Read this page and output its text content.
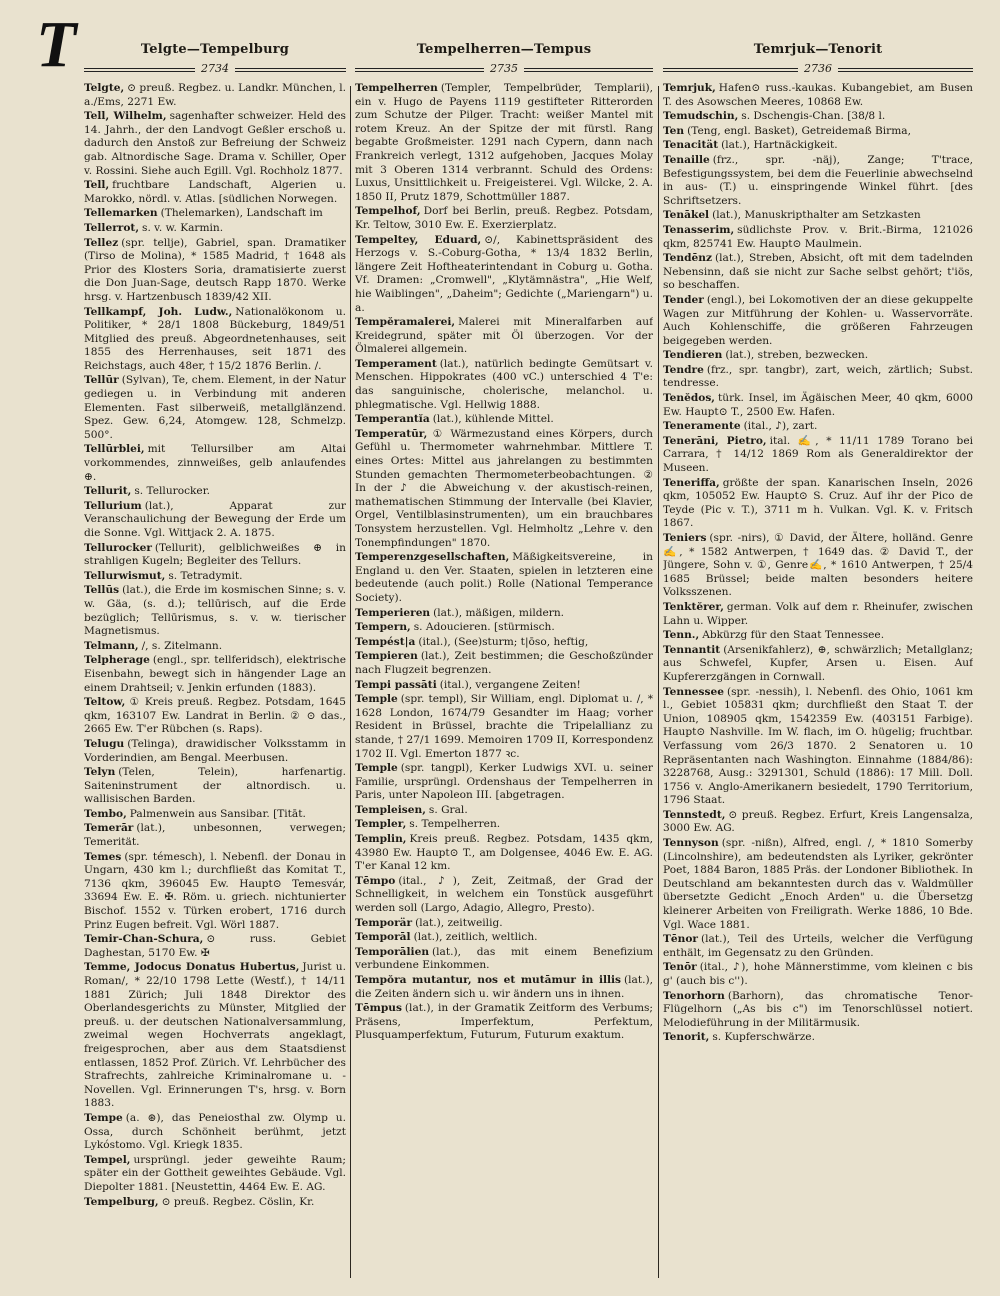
T	Telgte—Tempelburg
2734

Telgte, ⊙ preuß. Regbez. u. Landkr. München, l. a./Ems, 2271 Ew.

Tell, Wilhelm, sagenhafter schweizer. Held des 14. Jahrh., der den Landvogt Geßler erschoß u. dadurch den Anstoß zur Befreiung der Schweiz gab. Altnordische Sage. Drama v. Schiller, Oper v. Rossini. Siehe auch Egill. Vgl. Rochholz 1877.

Tell, fruchtbare Landschaft, Algerien u. Marokko, nördl. v. Atlas. [südlichen Norwegen.

Tellemarken (Thelemarken), Landschaft im

Tellerrot, s. v. w. Karmin.

Tellez (spr. tellje), Gabriel, span. Dramatiker (Tirso de Molina), * 1585 Madrid, † 1648 als Prior des Klosters Soria, dramatisierte zuerst die Don Juan-Sage, deutsch Rapp 1870. Werke hrsg. v. Hartzenbusch 1839/42 XII.

Tellkampf, Joh. Ludw., Nationalökonom u. Politiker, * 28/1 1808 Bückeburg, 1849/51 Mitglied des preuß. Abgeordnetenhauses, seit 1855 des Herrenhauses, seit 1871 des Reichstags, auch 48er, † 15/2 1876 Berlin. /.

Tellūr (Sylvan), Te, chem. Element, in der Natur gediegen u. in Verbindung mit anderen Elementen. Fast silberweiß, metallglänzend. Spez. Gew. 6,24, Atomgew. 128, Schmelzp. 500°.

Tellūrblei, mit Tellursilber am Altai vorkommendes, zinnweißes, gelb anlaufendes ⊕.

Tellurit, s. Tellurocker.

Tellurium (lat.), Apparat zur Veranschaulichung der Bewegung der Erde um die Sonne. Vgl. Wittjack 2. A. 1875.

Tellurocker (Tellurit), gelblichweißes ⊕ in strahligen Kugeln; Begleiter des Tellurs.

Tellurwismut, s. Tetradymit.

Tellūs (lat.), die Erde im kosmischen Sinne; s. v. w. Gäa, (s. d.); tellūrisch, auf die Erde bezüglich; Tellūrismus, s. v. w. tierischer Magnetismus.

Telmann, /, s. Zitelmann.

Telpherage (engl., spr. tellferidsch), elektrische Eisenbahn, bewegt sich in hängender Lage an einem Drahtseil; v. Jenkin erfunden (1883).

Teltow, ① Kreis preuß. Regbez. Potsdam, 1645 qkm, 163107 Ew. Landrat in Berlin. ② ⊙ das., 2665 Ew. T'er Rübchen (s. Raps).

Telugu (Telinga), drawidischer Volksstamm in Vorderindien, am Bengal. Meerbusen.

Telyn (Telen, Telein), harfenartig. Saiteninstrument der altnordisch. u. wallisischen Barden.

Tembo, Palmenwein aus Sansibar. [Titāt.

Temerār (lat.), unbesonnen, verwegen; Temerität.

Temes (spr. témesch), l. Nebenfl. der Donau in Ungarn, 430 km l.; durchfließt das Komitat T., 7136 qkm, 396045 Ew. Haupt⊙ Temesvár, 33694 Ew. E. ✠. Röm. u. griech. nichtunierter Bischof. 1552 v. Türken erobert, 1716 durch Prinz Eugen befreit. Vgl. Wörl 1887.

Temir-Chan-Schura, ⊙ russ. Gebiet Daghestan, 5170 Ew. ✠

Temme, Jodocus Donatus Hubertus, Jurist u. Roman/, * 22/10 1798 Lette (Westf.), † 14/11 1881 Zürich; Juli 1848 Direktor des Oberlandesgerichts zu Münster, Mitglied der preuß. u. der deutschen Nationalversammlung, zweimal wegen Hochverrats angeklagt, freigesprochen, aber aus dem Staatsdienst entlassen, 1852 Prof. Zürich. Vf. Lehrbücher des Strafrechts, zahlreiche Kriminalromane u. -Novellen. Vgl. Erinnerungen T's, hrsg. v. Born 1883.

Tempe (a. ⊛), das Peneiosthal zw. Olymp u. Ossa, durch Schönheit berühmt, jetzt Lykóstomo. Vgl. Kriegk 1835.

Tempel, ursprüngl. jeder geweihte Raum; später ein der Gottheit geweihtes Gebäude. Vgl. Diepolter 1881. [Neustettin, 4464 Ew. E. AG.

Tempelburg, ⊙ preuß. Regbez. Cöslin, Kr.

Tempelherren—Tempus
2735

Tempelherren (Templer, Tempelbrüder, Templarii), ein v. Hugo de Payens 1119 gestifteter Ritterorden zum Schutze der Pilger. Tracht: weißer Mantel mit rotem Kreuz. An der Spitze der mit fürstl. Rang begabte Großmeister. 1291 nach Cypern, dann nach Frankreich verlegt, 1312 aufgehoben, Jacques Molay mit 3 Oberen 1314 verbrannt. Schuld des Ordens: Luxus, Unsittlichkeit u. Freigeisterei. Vgl. Wilcke, 2. A. 1850 II, Prutz 1879, Schottmüller 1887.

Tempelhof, Dorf bei Berlin, preuß. Regbez. Potsdam, Kr. Teltow, 3010 Ew. E. Exerzierplatz.

Tempeltey, Eduard, ⊙/, Kabinettspräsident des Herzogs v. S.-Coburg-Gotha, * 13/4 1832 Berlin, längere Zeit Hoftheaterintendant in Coburg u. Gotha. Vf. Dramen: „Cromwell", „Klytämnästra", „Hie Welf, hie Waiblingen", „Daheim"; Gedichte („Mariengarn") u. a.

Tempĕramalerei, Malerei mit Mineralfarben auf Kreidegrund, später mit Öl überzogen. Vor der Ölmalerei allgemein.

Temperament (lat.), natürlich bedingte Gemütsart v. Menschen. Hippokrates (400 vC.) unterschied 4 T'e: das sanguinische, cholerische, melanchol. u. phlegmatische. Vgl. Hellwig 1888.

Temperantĭa (lat.), kühlende Mittel.

Temperatūr, ① Wärmezustand eines Körpers, durch Gefühl u. Thermometer wahrnehmbar. Mittlere T. eines Ortes: Mittel aus jahrelangen zu bestimmten Stunden gemachten Thermometerbeobachtungen. ② In der ♪ die Abweichung v. der akustisch-reinen, mathematischen Stimmung der Intervalle (bei Klavier, Orgel, Ventilblasinstrumenten), um ein brauchbares Tonsystem herzustellen. Vgl. Helmholtz „Lehre v. den Tonempfindungen" 1870.

Temperenzgesellschaften, Mäßigkeitsvereine, in England u. den Ver. Staaten, spielen in letzteren eine bedeutende (auch polit.) Rolle (National Temperance Society).

Temperieren (lat.), mäßigen, mildern.

Tempern, s. Adoucieren. [stürmisch.

Tempést|a (ital.), (See)sturm; t|ōso, heftig,

Tempieren (lat.), Zeit bestimmen; die Geschoßzünder nach Flugzeit begrenzen.

Tempi passāti (ital.), vergangene Zeiten!

Temple (spr. templ), Sir William, engl. Diplomat u. /, * 1628 London, 1674/79 Gesandter im Haag; vorher Resident in Brüssel, brachte die Tripelallianz zu stande, † 27/1 1699. Memoiren 1709 II, Korrespondenz 1702 II. Vgl. Emerton 1877 ꝛc.

Temple (spr. tangpl), Kerker Ludwigs XVI. u. seiner Familie, ursprüngl. Ordenshaus der Tempelherren in Paris, unter Napoleon III. [abgetragen.

Templeisen, s. Gral.

Templer, s. Tempelherren.

Templin, Kreis preuß. Regbez. Potsdam, 1435 qkm, 43980 Ew. Haupt⊙ T., am Dolgensee, 4046 Ew. E. AG. T'er Kanal 12 km.

Tēmpo (ital., ♪), Zeit, Zeitmaß, der Grad der Schnelligkeit, in welchem ein Tonstück ausgeführt werden soll (Largo, Adagio, Allegro, Presto).

Temporär (lat.), zeitweilig.

Temporāl (lat.), zeitlich, weltlich.

Temporālien (lat.), das mit einem Benefizium verbundene Einkommen.

Tempŏra mutantur, nos et mutāmur in illis (lat.), die Zeiten ändern sich u. wir ändern uns in ihnen.

Tēmpus (lat.), in der Gramatik Zeitform des Verbums; Präsens, Imperfektum, Perfektum, Plusquamperfektum, Futurum, Futurum exaktum.

Temrjuk—Tenorit
2736

Temrjuk, Hafen⊙ russ.-kaukas. Kubangebiet, am Busen T. des Asowschen Meeres, 10868 Ew.

Temudschin, s. Dschengis-Chan. [38/8 l.

Ten (Teng, engl. Basket), Getreidemaß Birma,

Tenacität (lat.), Hartnäckigkeit.

Tenaille (frz., spr. -näj), Zange; T'trace, Befestigungssystem, bei dem die Feuerlinie abwechselnd in aus- (T.) u. einspringende Winkel führt. [des Schriftsetzers.

Tenākel (lat.), Manuskripthalter am Setzkasten

Tenasserim, südlichste Prov. v. Brit.-Birma, 121026 qkm, 825741 Ew. Haupt⊙ Maulmein.

Tendēnz (lat.), Streben, Absicht, oft mit dem tadelnden Nebensinn, daß sie nicht zur Sache selbst gehört; t'iös, so beschaffen.

Tender (engl.), bei Lokomotiven der an diese gekuppelte Wagen zur Mitführung der Kohlen- u. Wasservorräte. Auch Kohlenschiffe, die größeren Fahrzeugen beigegeben werden.

Tendieren (lat.), streben, bezwecken.

Tendre (frz., spr. tangbr), zart, weich, zärtlich; Subst. tendresse.

Tenĕdos, türk. Insel, im Ägäischen Meer, 40 qkm, 6000 Ew. Haupt⊙ T., 2500 Ew. Hafen.

Teneramente (ital., ♪), zart.

Tenerāni, Pietro, ital. ✍, * 11/11 1789 Torano bei Carrara, † 14/12 1869 Rom als Generaldirektor der Museen.

Teneriffa, größte der span. Kanarischen Inseln, 2026 qkm, 105052 Ew. Haupt⊙ S. Cruz. Auf ihr der Pico de Teyde (Pic v. T.), 3711 m h. Vulkan. Vgl. K. v. Fritsch 1867.

Teniers (spr. -nirs), ① David, der Ältere, holländ. Genre✍, * 1582 Antwerpen, † 1649 das. ② David T., der Jüngere, Sohn v. ①, Genre✍, * 1610 Antwerpen, † 25/4 1685 Brüssel; beide malten besonders heitere Volksszenen.

Tenktĕrer, german. Volk auf dem r. Rheinufer, zwischen Lahn u. Wipper.

Tenn., Abkürzg für den Staat Tennessee.

Tennantit (Arsenikfahlerz), ⊕, schwärzlich; Metallglanz; aus Schwefel, Kupfer, Arsen u. Eisen. Auf Kupfererzgängen in Cornwall.

Tennessee (spr. -nessih), l. Nebenfl. des Ohio, 1061 km l., Gebiet 105831 qkm; durchfließt den Staat T. der Union, 108905 qkm, 1542359 Ew. (403151 Farbige). Haupt⊙ Nashville. Im W. flach, im O. hügelig; fruchtbar. Verfassung vom 26/3 1870. 2 Senatoren u. 10 Repräsentanten nach Washington. Einnahme (1884/86): 3228768, Ausg.: 3291301, Schuld (1886): 17 Mill. Doll. 1756 v. Anglo-Amerikanern besiedelt, 1790 Territorium, 1796 Staat.

Tennstedt, ⊙ preuß. Regbez. Erfurt, Kreis Langensalza, 3000 Ew. AG.

Tennyson (spr. -nißn), Alfred, engl. /, * 1810 Somerby (Lincolnshire), am bedeutendsten als Lyriker, gekrönter Poet, 1884 Baron, 1885 Präs. der Londoner Bibliothek. In Deutschland am bekanntesten durch das v. Waldmüller übersetzte Gedicht „Enoch Arden" u. die Übersetzg kleinerer Arbeiten von Freiligrath. Werke 1886, 10 Bde. Vgl. Wace 1881.

Tēnor (lat.), Teil des Urteils, welcher die Verfügung enthält, im Gegensatz zu den Gründen.

Tenōr (ital., ♪), hohe Männerstimme, vom kleinen c bis g' (auch bis c'').

Tenorhorn (Barhorn), das chromatische Tenor-Flügelhorn („As bis c") im Tenorschlüssel notiert. Melodieführung in der Militärmusik.

Tenorit, s. Kupferschwärze.
